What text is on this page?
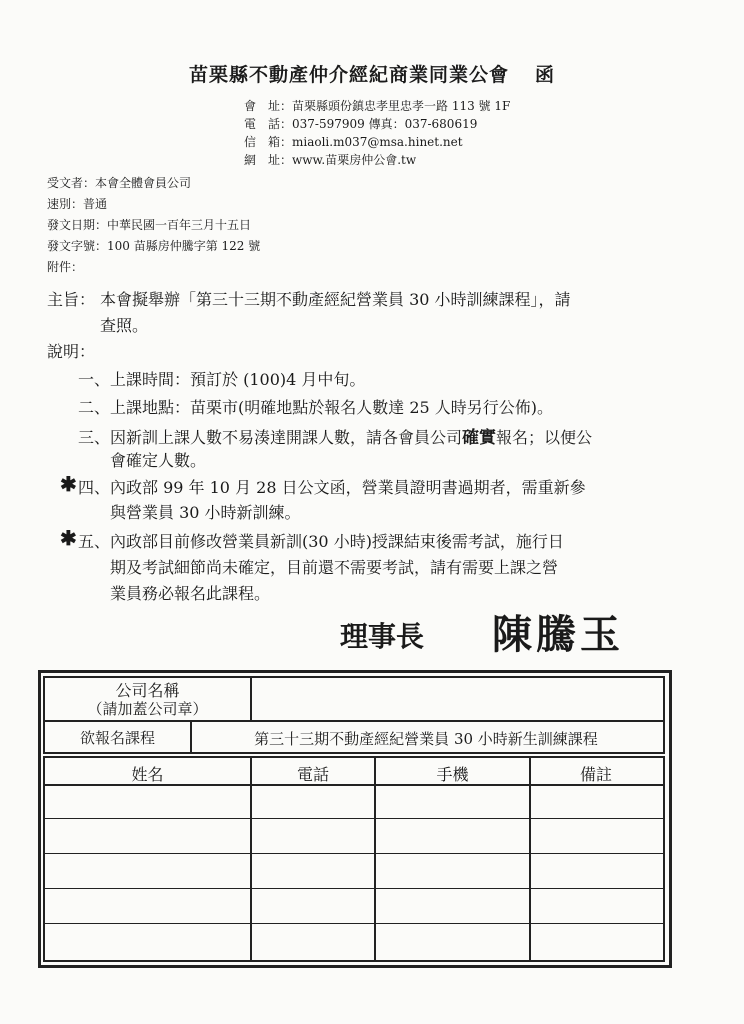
苗栗縣不動產仲介經紀商業同業公會 函
會　址：苗栗縣頭份鎮忠孝里忠孝一路 113 號 1F
電　話：037-597909 傳真：037-680619
信　箱：miaoli.m037@msa.hinet.net
網　址：www.苗栗房仲公會.tw
受文者：本會全體會員公司
速別：普通
發文日期：中華民國一百年三月十五日
發文字號：100 苗縣房仲騰字第 122 號
附件：
主旨： 本會擬舉辦「第三十三期不動產經紀營業員 30 小時訓練課程」，請
查照。
說明：
一、上課時間：預訂於 (100)4 月中旬。
二、上課地點：苗栗市(明確地點於報名人數達 25 人時另行公佈)。
三、因新訓上課人數不易湊達開課人數，請各會員公司確實報名；以便公
會確定人數。
✱ 四、內政部 99 年 10 月 28 日公文函，營業員證明書過期者，需重新參
與營業員 30 小時新訓練。
✱ 五、內政部目前修改營業員新訓(30 小時)授課結束後需考試，施行日
期及考試細節尚未確定，目前還不需要考試，請有需要上課之營
業員務必報名此課程。
理事長 陳騰玉
公司名稱
（請加蓋公司章）
欲報名課程	第三十三期不動產經紀營業員 30 小時新生訓練課程
姓名	電話	手機	備註
